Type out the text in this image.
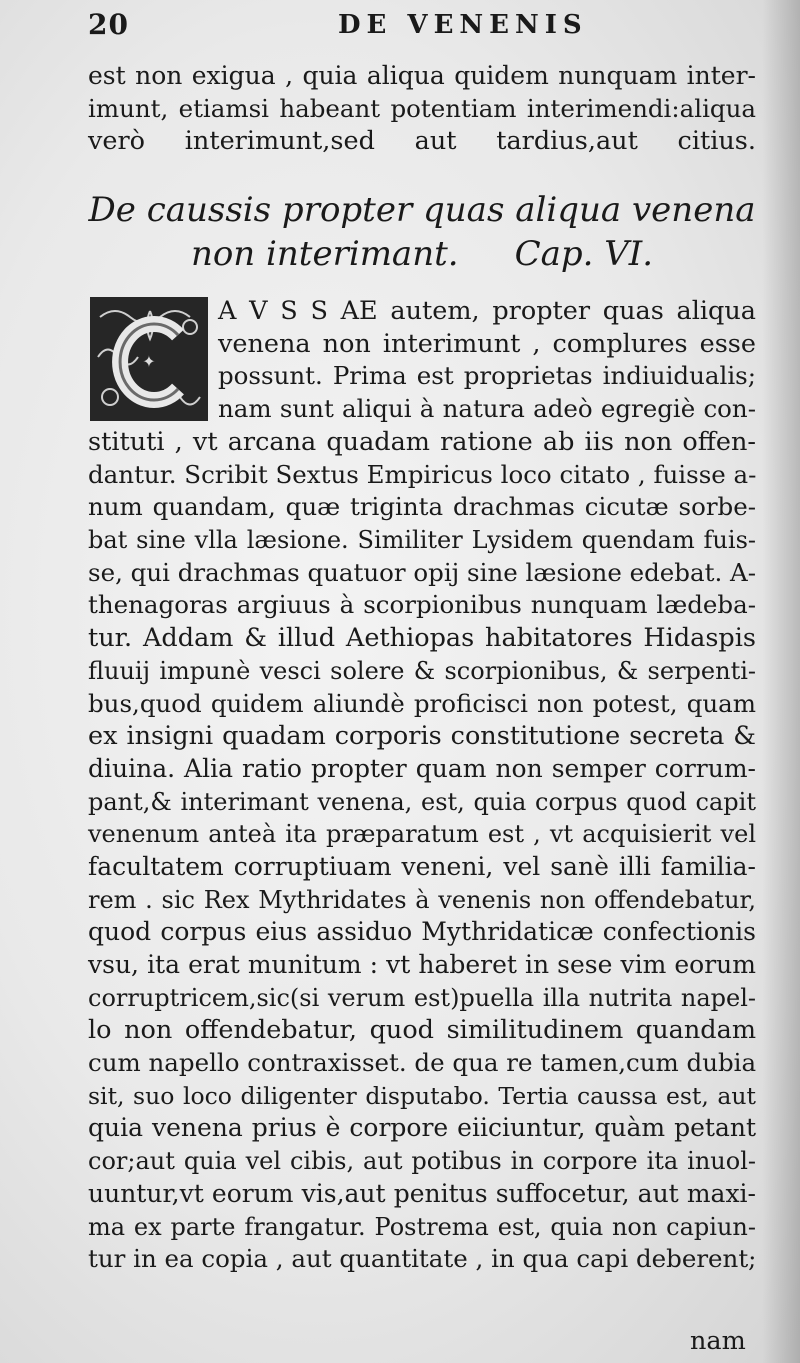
20	DE VENENIS
est non exigua , quia aliqua quidem nunquam inter-
imunt, etiamsi habeant potentiam interimendi:aliqua
verò interimunt,sed aut tardius,aut citius.
De caussis propter quas aliqua venena
non interimant. Cap. VI.
✦
A V S S AE autem, propter quas aliqua
venena non interimunt , complures esse
possunt. Prima est proprietas indiuidualis;
nam sunt aliqui à natura adeò egregiè con-
stituti , vt arcana quadam ratione ab iis non offen-
dantur. Scribit Sextus Empiricus loco citato , fuisse a-
num quandam, quæ triginta drachmas cicutæ sorbe-
bat sine vlla læsione. Similiter Lysidem quendam fuis-
se, qui drachmas quatuor opij sine læsione edebat. A-
thenagoras argiuus à scorpionibus nunquam lædeba-
tur. Addam & illud Aethiopas habitatores Hidaspis
fluuij impunè vesci solere & scorpionibus, & serpenti-
bus,quod quidem aliundè proficisci non potest, quam
ex insigni quadam corporis constitutione secreta &
diuina. Alia ratio propter quam non semper corrum-
pant,& interimant venena, est, quia corpus quod capit
venenum anteà ita præparatum est , vt acquisierit vel
facultatem corruptiuam veneni, vel sanè illi familia-
rem . sic Rex Mythridates à venenis non offendebatur,
quod corpus eius assiduo Mythridaticæ confectionis
vsu, ita erat munitum : vt haberet in sese vim eorum
corruptricem,sic(si verum est)puella illa nutrita napel-
lo non offendebatur, quod similitudinem quandam
cum napello contraxisset. de qua re tamen,cum dubia
sit, suo loco diligenter disputabo. Tertia caussa est, aut
quia venena prius è corpore eiiciuntur, quàm petant
cor;aut quia vel cibis, aut potibus in corpore ita inuol-
uuntur,vt eorum vis,aut penitus suffocetur, aut maxi-
ma ex parte frangatur. Postrema est, quia non capiun-
tur in ea copia , aut quantitate , in qua capi deberent;
nam
